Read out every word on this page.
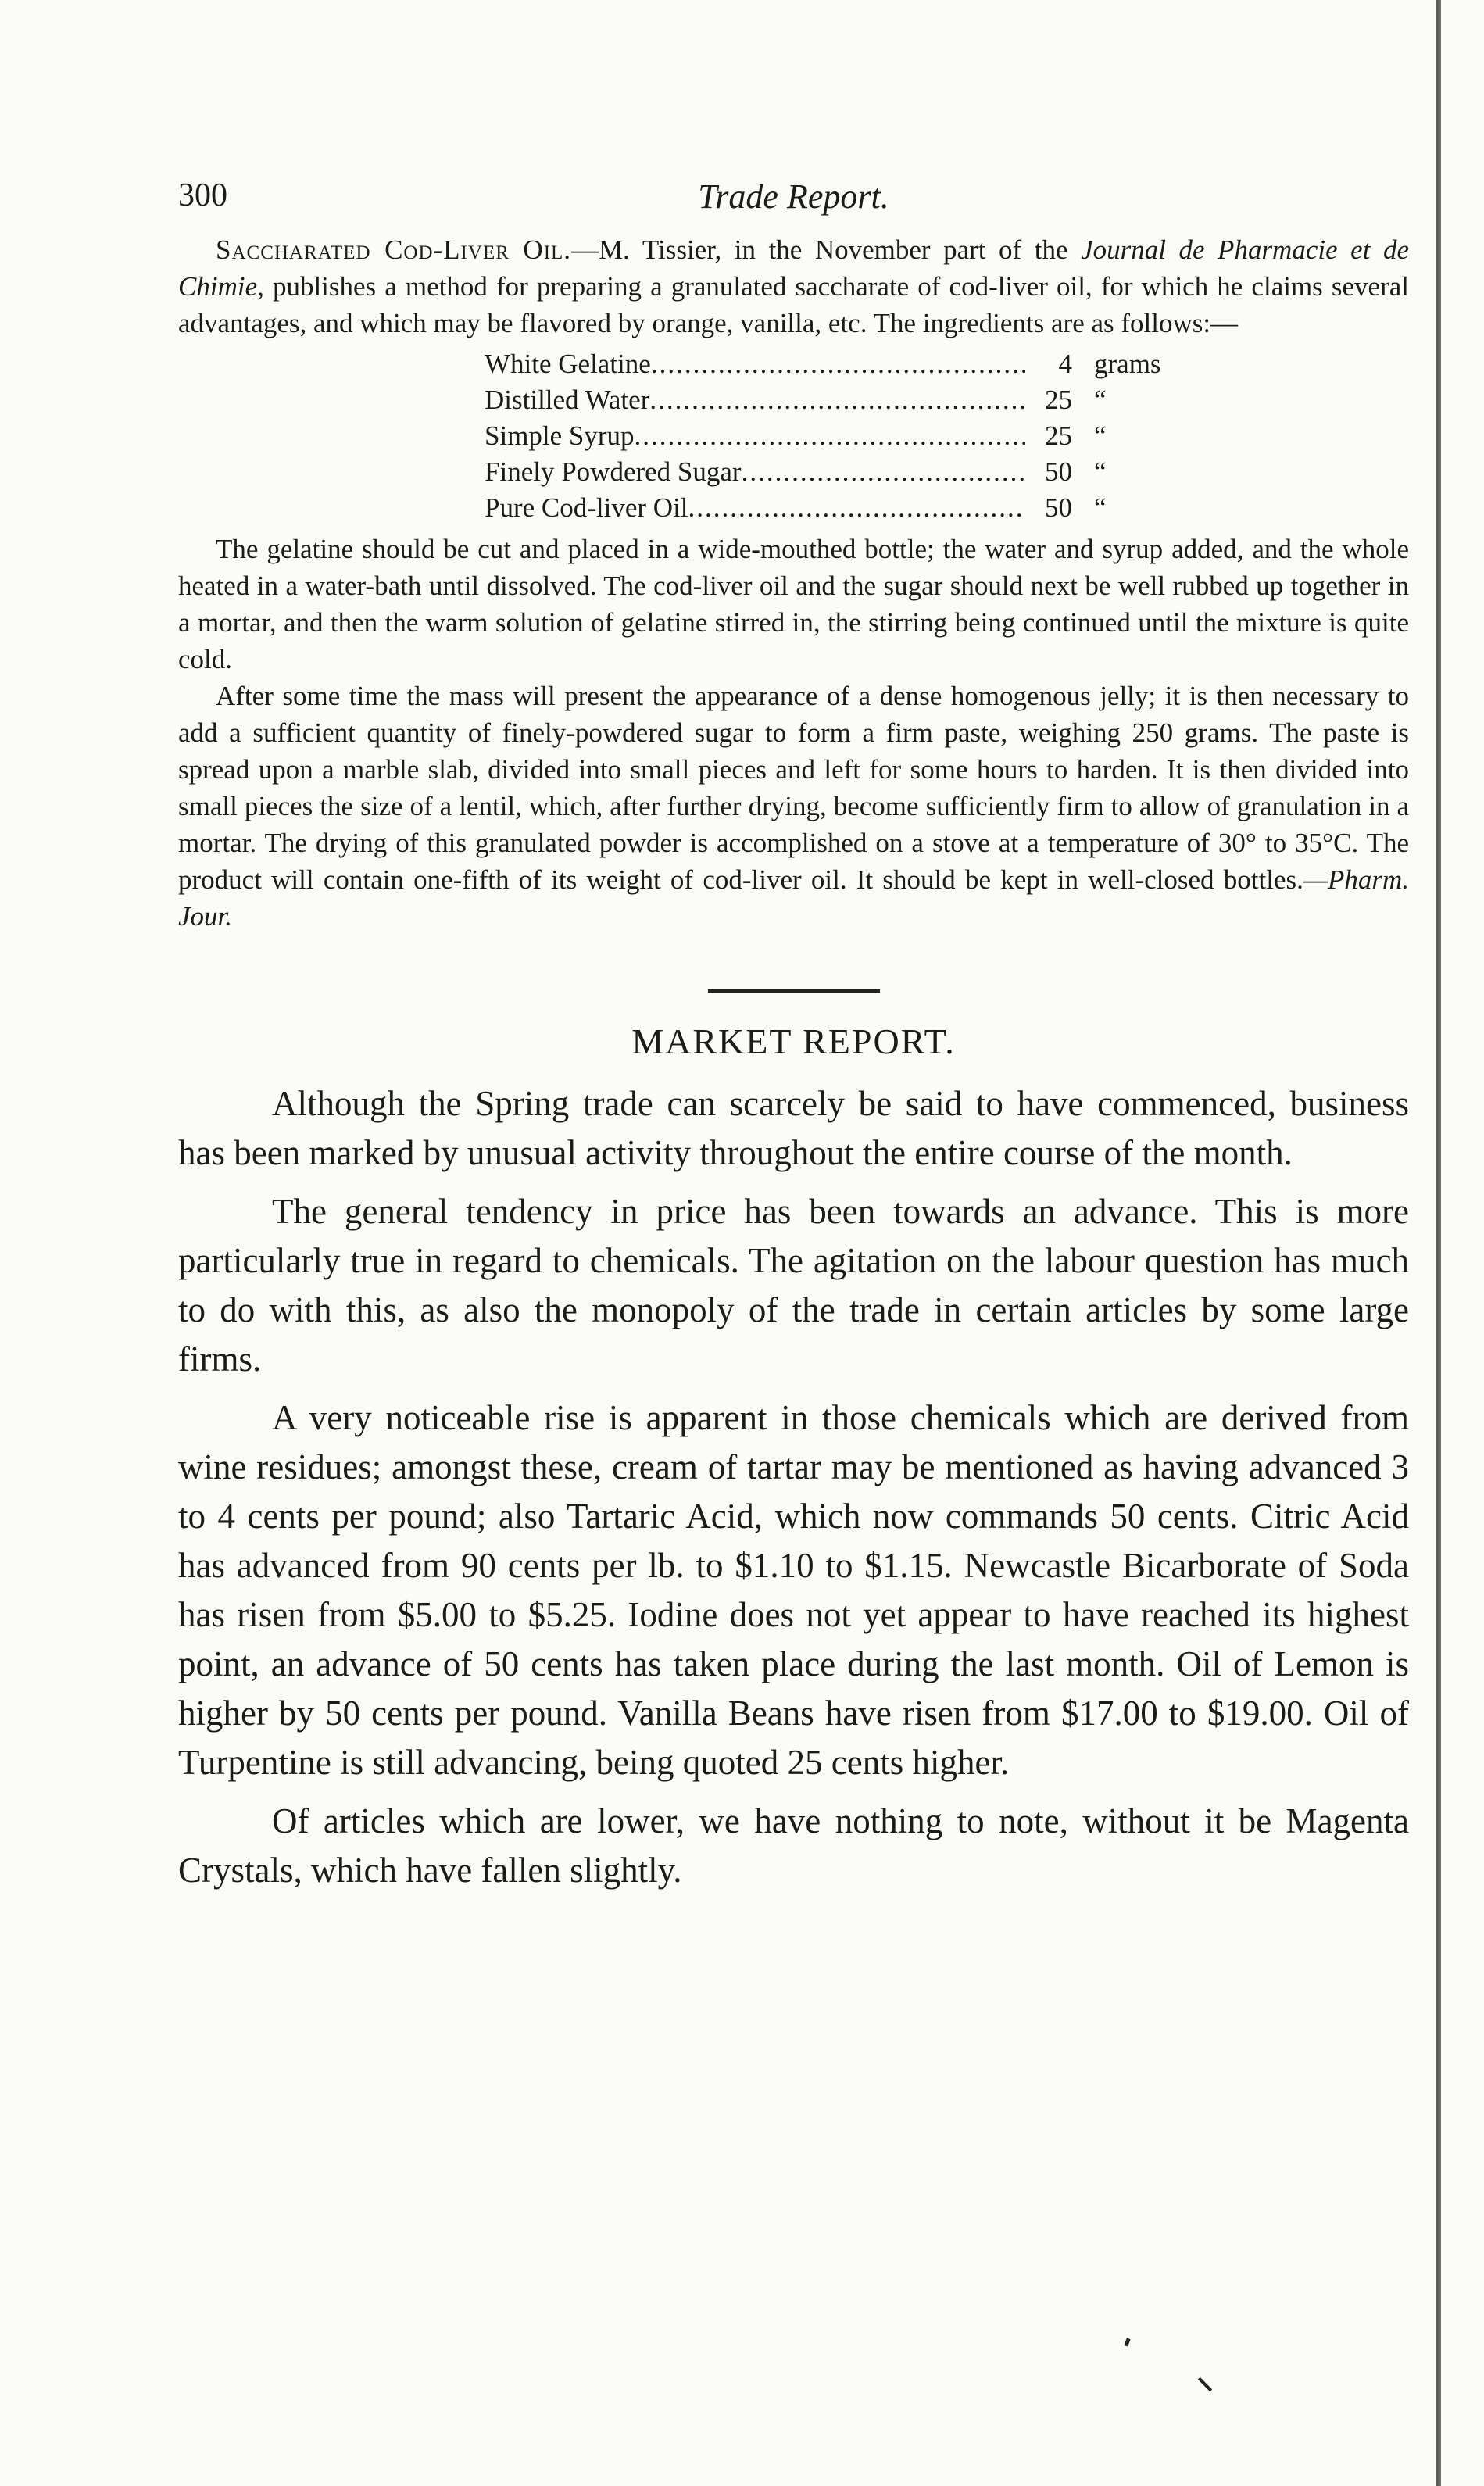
300	Trade Report.

Saccharated Cod-Liver Oil.—M. Tissier, in the November part of the Journal de Pharmacie et de Chimie, publishes a method for preparing a granulated saccharate of cod-liver oil, for which he claims several advantages, and which may be flavored by orange, vanilla, etc. The ingredients are as follows:—

White Gelatine .....	4 grams
Distilled Water .....	25 “
Simple Syrup .....	25 “
Finely Powdered Sugar .....	50 “
Pure Cod-liver Oil .....	50 “

The gelatine should be cut and placed in a wide-mouthed bottle; the water and syrup added, and the whole heated in a water-bath until dissolved. The cod-liver oil and the sugar should next be well rubbed up together in a mortar, and then the warm solution of gelatine stirred in, the stirring being continued until the mixture is quite cold.

After some time the mass will present the appearance of a dense homogenous jelly; it is then necessary to add a sufficient quantity of finely-powdered sugar to form a firm paste, weighing 250 grams. The paste is spread upon a marble slab, divided into small pieces and left for some hours to harden. It is then divided into small pieces the size of a lentil, which, after further drying, become sufficiently firm to allow of granulation in a mortar. The drying of this granulated powder is accomplished on a stove at a temperature of 30° to 35°C. The product will contain one-fifth of its weight of cod-liver oil. It should be kept in well-closed bottles.—Pharm. Jour.

MARKET REPORT.

Although the Spring trade can scarcely be said to have commenced, business has been marked by unusual activity throughout the entire course of the month.

The general tendency in price has been towards an advance. This is more particularly true in regard to chemicals. The agitation on the labour question has much to do with this, as also the monopoly of the trade in certain articles by some large firms.

A very noticeable rise is apparent in those chemicals which are derived from wine residues; amongst these, cream of tartar may be mentioned as having advanced 3 to 4 cents per pound; also Tartaric Acid, which now commands 50 cents. Citric Acid has advanced from 90 cents per lb. to $1.10 to $1.15. Newcastle Bicarborate of Soda has risen from $5.00 to $5.25. Iodine does not yet appear to have reached its highest point, an advance of 50 cents has taken place during the last month. Oil of Lemon is higher by 50 cents per pound. Vanilla Beans have risen from $17.00 to $19.00. Oil of Turpentine is still advancing, being quoted 25 cents higher.

Of articles which are lower, we have nothing to note, without it be Magenta Crystals, which have fallen slightly.
